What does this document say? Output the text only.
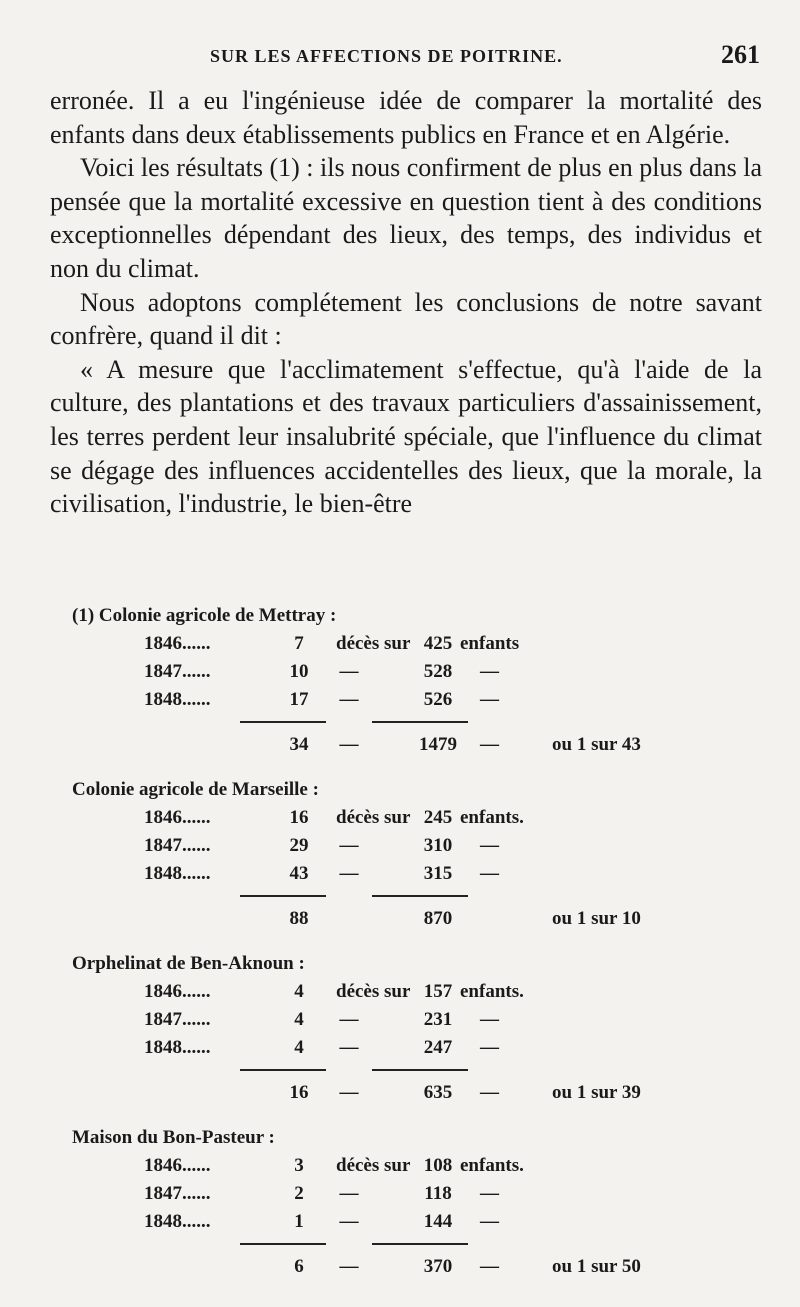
SUR LES AFFECTIONS DE POITRINE.	261

erronée. Il a eu l'ingénieuse idée de comparer la mortalité des enfants dans deux établissements publics en France et en Algérie.

Voici les résultats (1) : ils nous confirment de plus en plus dans la pensée que la mortalité excessive en question tient à des conditions exceptionnelles dépendant des lieux, des temps, des individus et non du climat.

Nous adoptons complétement les conclusions de notre savant confrère, quand il dit :

« A mesure que l'acclimatement s'effectue, qu'à l'aide de la culture, des plantations et des travaux particuliers d'assainissement, les terres perdent leur insalubrité spéciale, que l'influence du climat se dégage des influences accidentelles des lieux, que la morale, la civilisation, l'industrie, le bien-être

(1) Colonie agricole de Mettray :
1846......	7	décès sur 425 enfants
1847......	10 —	528	—
1848......	17 —	526	—
34 —	1479	—	ou 1 sur 43
Colonie agricole de Marseille :
1846......	16 décès sur 245 enfants.
1847......	29 —	310	—
1848......	43 —	315	—
88	870	ou 1 sur 10
Orphelinat de Ben-Aknoun :
1846......	4	décès sur 157 enfants.
1847......	4	—	231	—
1848......	4	—	247	—
16 —	635	—	ou 1 sur 39
Maison du Bon-Pasteur :
1846......	3	décès sur 108 enfants.
1847......	2	—	118	—
1848......	1	—	144	—
6	—	370	—	ou 1 sur 50
